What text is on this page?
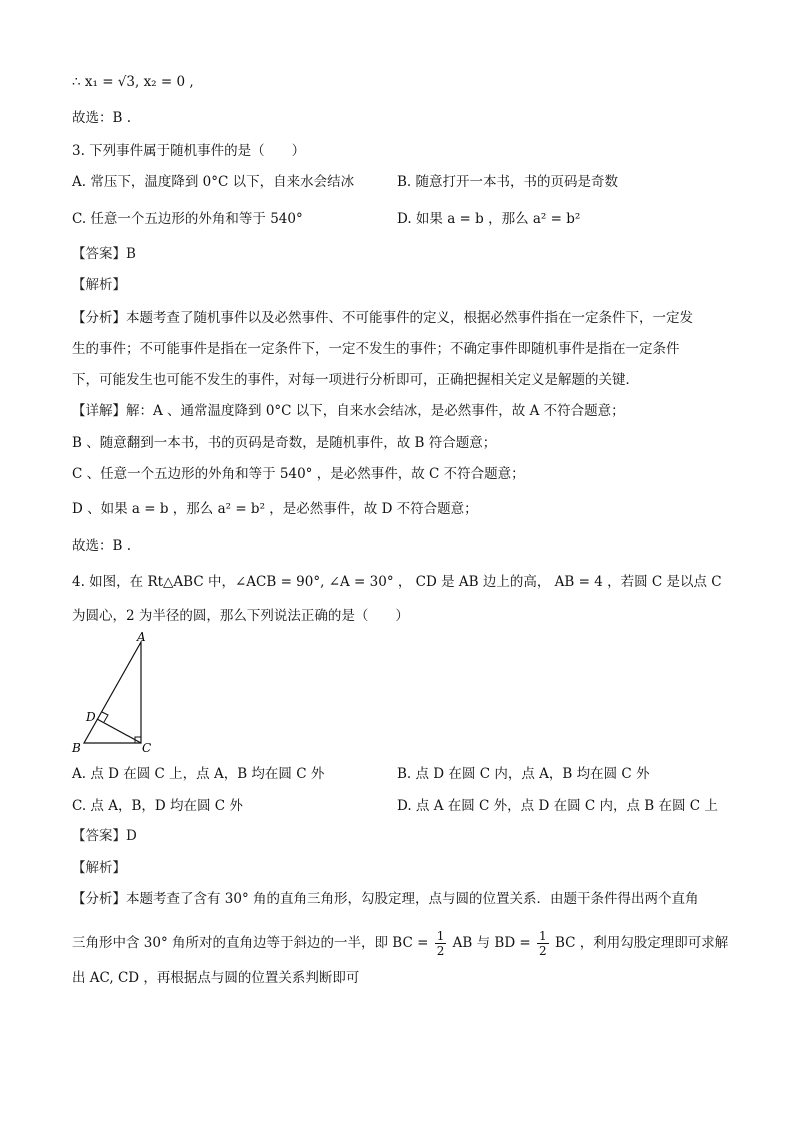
∴ x₁ = √3, x₂ = 0 ,
故选：B .
3. 下列事件属于随机事件的是（　　）
A. 常压下，温度降到 0°C 以下，自来水会结冰	B. 随意打开一本书，书的页码是奇数
C. 任意一个五边形的外角和等于 540°	D. 如果 a = b ，那么 a² = b²
【答案】B
【解析】
【分析】本题考查了随机事件以及必然事件、不可能事件的定义，根据必然事件指在一定条件下，一定发
生的事件；不可能事件是指在一定条件下，一定不发生的事件；不确定事件即随机事件是指在一定条件
下，可能发生也可能不发生的事件，对每一项进行分析即可，正确把握相关定义是解题的关键．
【详解】解：A 、通常温度降到 0°C 以下，自来水会结冰，是必然事件，故 A 不符合题意；
B 、随意翻到一本书，书的页码是奇数，是随机事件，故 B 符合题意；
C 、任意一个五边形的外角和等于 540° ，是必然事件，故 C 不符合题意；
D 、如果 a = b ，那么 a² = b² ，是必然事件，故 D 不符合题意；
故选：B .
4. 如图，在 Rt△ABC 中，∠ACB = 90°, ∠A = 30° ， CD 是 AB 边上的高， AB = 4 ，若圆 C 是以点 C
为圆心，2 为半径的圆，那么下列说法正确的是（　　）
A
B	C
D
A. 点 D 在圆 C 上，点 A，B 均在圆 C 外	B. 点 D 在圆 C 内，点 A，B 均在圆 C 外
C. 点 A，B，D 均在圆 C 外	D. 点 A 在圆 C 外，点 D 在圆 C 内，点 B 在圆 C 上
【答案】D
【解析】
【分析】本题考查了含有 30° 角的直角三角形，勾股定理，点与圆的位置关系．由题干条件得出两个直角
三角形中含 30° 角所对的直角边等于斜边的一半，即 BC = $\frac{1}{2}$ AB 与 BD = $\frac{1}{2}$ BC ，利用勾股定理即可求解
出 AC, CD ，再根据点与圆的位置关系判断即可
